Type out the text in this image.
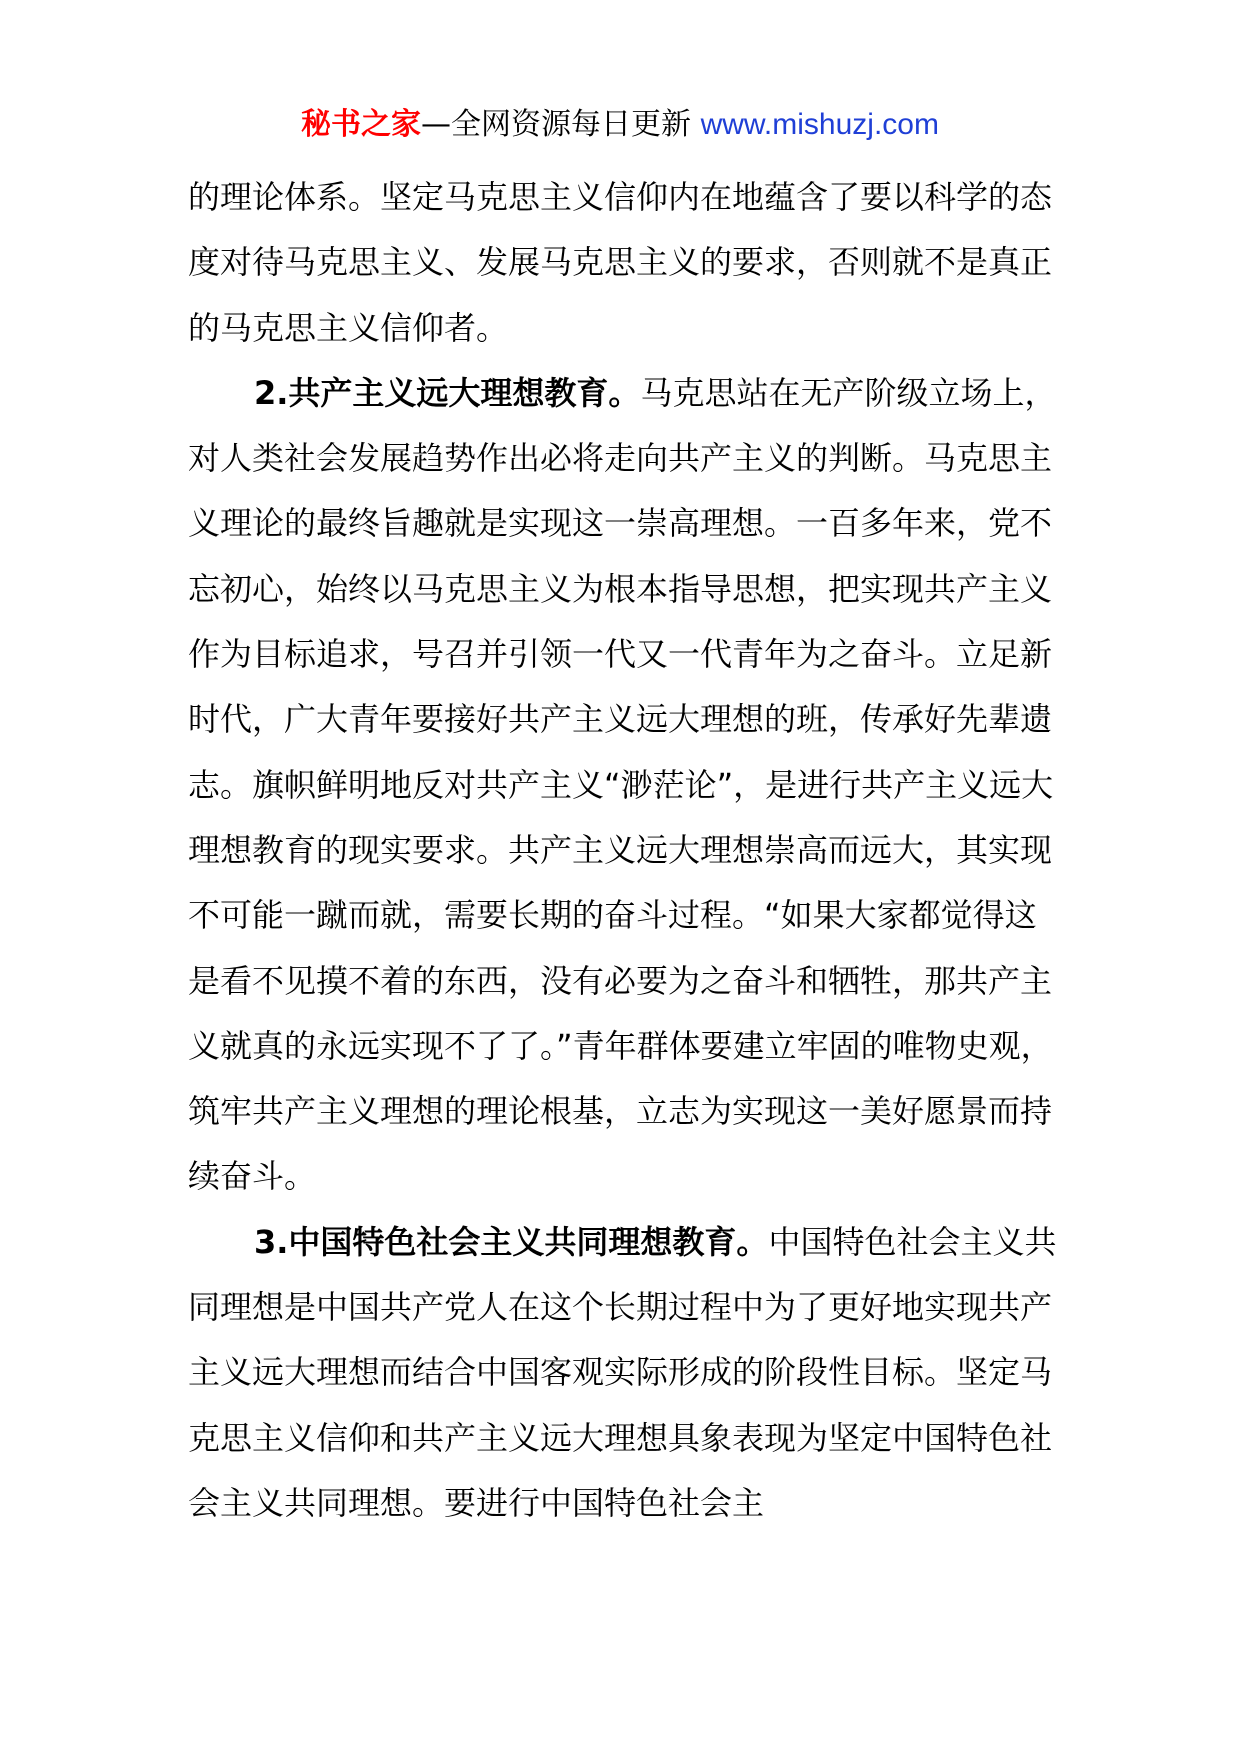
秘书之家—全网资源每日更新 www.mishuzj.com

的理论体系。坚定马克思主义信仰内在地蕴含了要以科学的态度对待马克思主义、发展马克思主义的要求，否则就不是真正的马克思主义信仰者。

2.共产主义远大理想教育。马克思站在无产阶级立场上，对人类社会发展趋势作出必将走向共产主义的判断。马克思主义理论的最终旨趣就是实现这一崇高理想。一百多年来，党不忘初心，始终以马克思主义为根本指导思想，把实现共产主义作为目标追求，号召并引领一代又一代青年为之奋斗。立足新时代，广大青年要接好共产主义远大理想的班，传承好先辈遗志。旗帜鲜明地反对共产主义“渺茫论”，是进行共产主义远大理想教育的现实要求。共产主义远大理想崇高而远大，其实现不可能一蹴而就，需要长期的奋斗过程。“如果大家都觉得这是看不见摸不着的东西，没有必要为之奋斗和牺牲，那共产主义就真的永远实现不了了。”青年群体要建立牢固的唯物史观，筑牢共产主义理想的理论根基，立志为实现这一美好愿景而持续奋斗。

3.中国特色社会主义共同理想教育。中国特色社会主义共同理想是中国共产党人在这个长期过程中为了更好地实现共产主义远大理想而结合中国客观实际形成的阶段性目标。坚定马克思主义信仰和共产主义远大理想具象表现为坚定中国特色社会主义共同理想。要进行中国特色社会主
